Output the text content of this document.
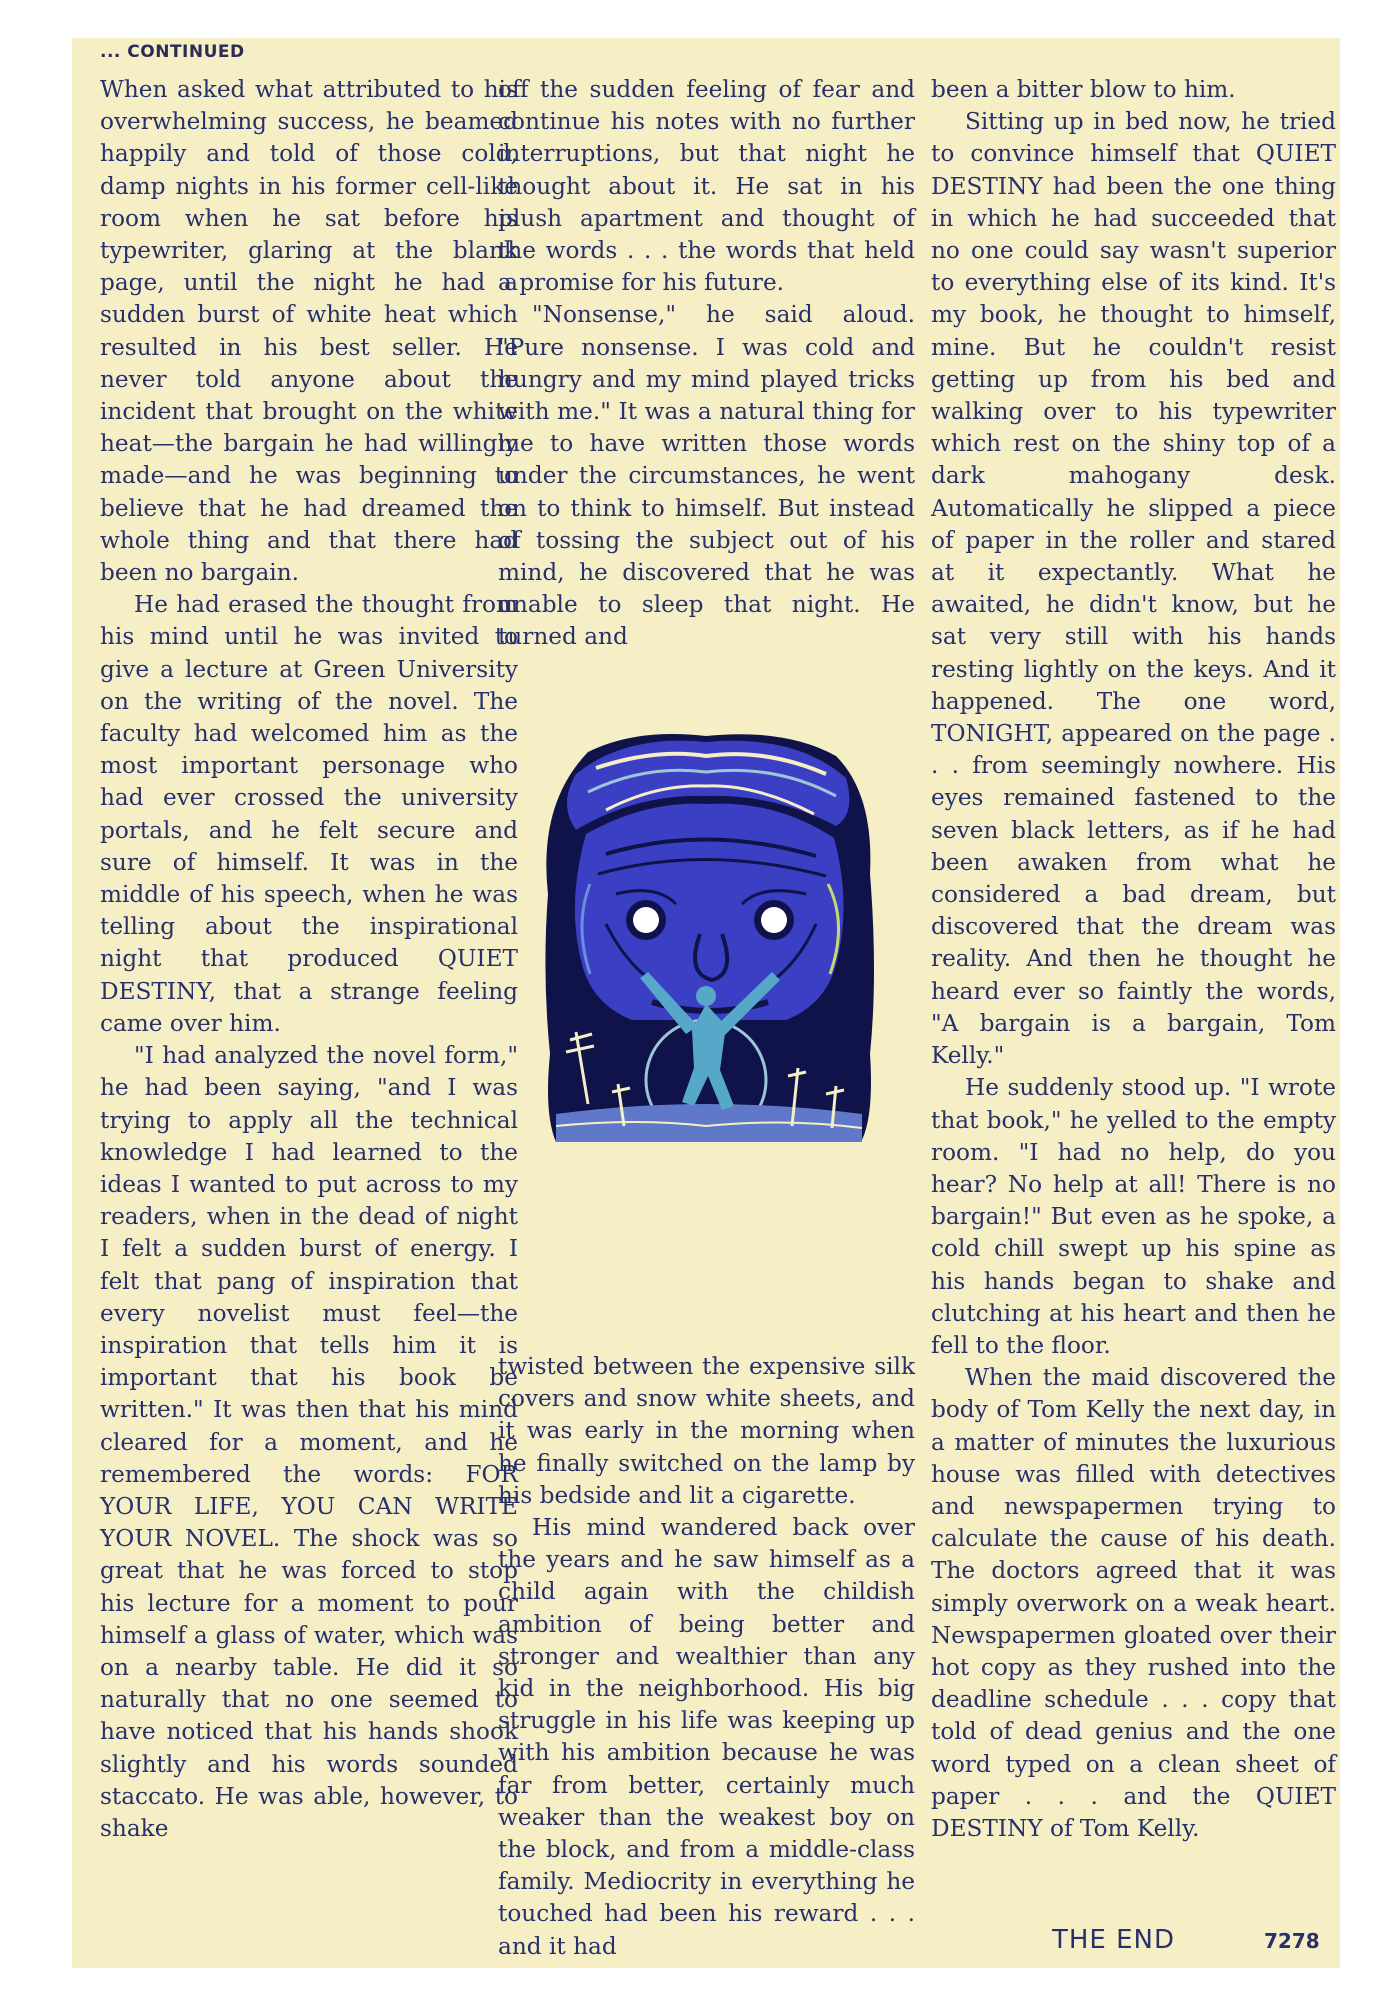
... CONTINUED

When asked what attributed to his overwhelming success, he beamed happily and told of those cold, damp nights in his former cell-like room when he sat before his typewriter, glaring at the blank page, until the night he had a sudden burst of white heat which resulted in his best seller. He never told anyone about the incident that brought on the white heat—the bargain he had willingly made—and he was beginning to believe that he had dreamed the whole thing and that there had been no bargain.

He had erased the thought from his mind until he was invited to give a lecture at Green University on the writing of the novel. The faculty had welcomed him as the most important personage who had ever crossed the university portals, and he felt secure and sure of himself. It was in the middle of his speech, when he was telling about the inspirational night that produced QUIET DESTINY, that a strange feeling came over him.

"I had analyzed the novel form," he had been saying, "and I was trying to apply all the technical knowledge I had learned to the ideas I wanted to put across to my readers, when in the dead of night I felt a sudden burst of energy. I felt that pang of inspiration that every novelist must feel—the inspiration that tells him it is important that his book be written." It was then that his mind cleared for a moment, and he remembered the words: FOR YOUR LIFE, YOU CAN WRITE YOUR NOVEL. The shock was so great that he was forced to stop his lecture for a moment to pour himself a glass of water, which was on a nearby table. He did it so naturally that no one seemed to have noticed that his hands shook slightly and his words sounded staccato. He was able, however, to shake

off the sudden feeling of fear and continue his notes with no further interruptions, but that night he thought about it. He sat in his plush apartment and thought of the words . . . the words that held a promise for his future.

"Nonsense," he said aloud. "Pure nonsense. I was cold and hungry and my mind played tricks with me." It was a natural thing for me to have written those words under the circumstances, he went on to think to himself. But instead of tossing the subject out of his mind, he discovered that he was unable to sleep that night. He turned and

twisted between the expensive silk covers and snow white sheets, and it was early in the morning when he finally switched on the lamp by his bedside and lit a cigarette.

His mind wandered back over the years and he saw himself as a child again with the childish ambition of being better and stronger and wealthier than any kid in the neighborhood. His big struggle in his life was keeping up with his ambition because he was far from better, certainly much weaker than the weakest boy on the block, and from a middle-class family. Mediocrity in everything he touched had been his reward . . . and it had

been a bitter blow to him.

Sitting up in bed now, he tried to convince himself that QUIET DESTINY had been the one thing in which he had succeeded that no one could say wasn't superior to everything else of its kind. It's my book, he thought to himself, mine. But he couldn't resist getting up from his bed and walking over to his typewriter which rest on the shiny top of a dark mahogany desk. Automatically he slipped a piece of paper in the roller and stared at it expectantly. What he awaited, he didn't know, but he sat very still with his hands resting lightly on the keys. And it happened. The one word, TONIGHT, appeared on the page . . . from seemingly nowhere. His eyes remained fastened to the seven black letters, as if he had been awaken from what he considered a bad dream, but discovered that the dream was reality. And then he thought he heard ever so faintly the words, "A bargain is a bargain, Tom Kelly."

He suddenly stood up. "I wrote that book," he yelled to the empty room. "I had no help, do you hear? No help at all! There is no bargain!" But even as he spoke, a cold chill swept up his spine as his hands began to shake and clutching at his heart and then he fell to the floor.

When the maid discovered the body of Tom Kelly the next day, in a matter of minutes the luxurious house was filled with detectives and newspapermen trying to calculate the cause of his death. The doctors agreed that it was simply overwork on a weak heart. Newspapermen gloated over their hot copy as they rushed into the deadline schedule . . . copy that told of dead genius and the one word typed on a clean sheet of paper . . . and the QUIET DESTINY of Tom Kelly.

THE END	7278
